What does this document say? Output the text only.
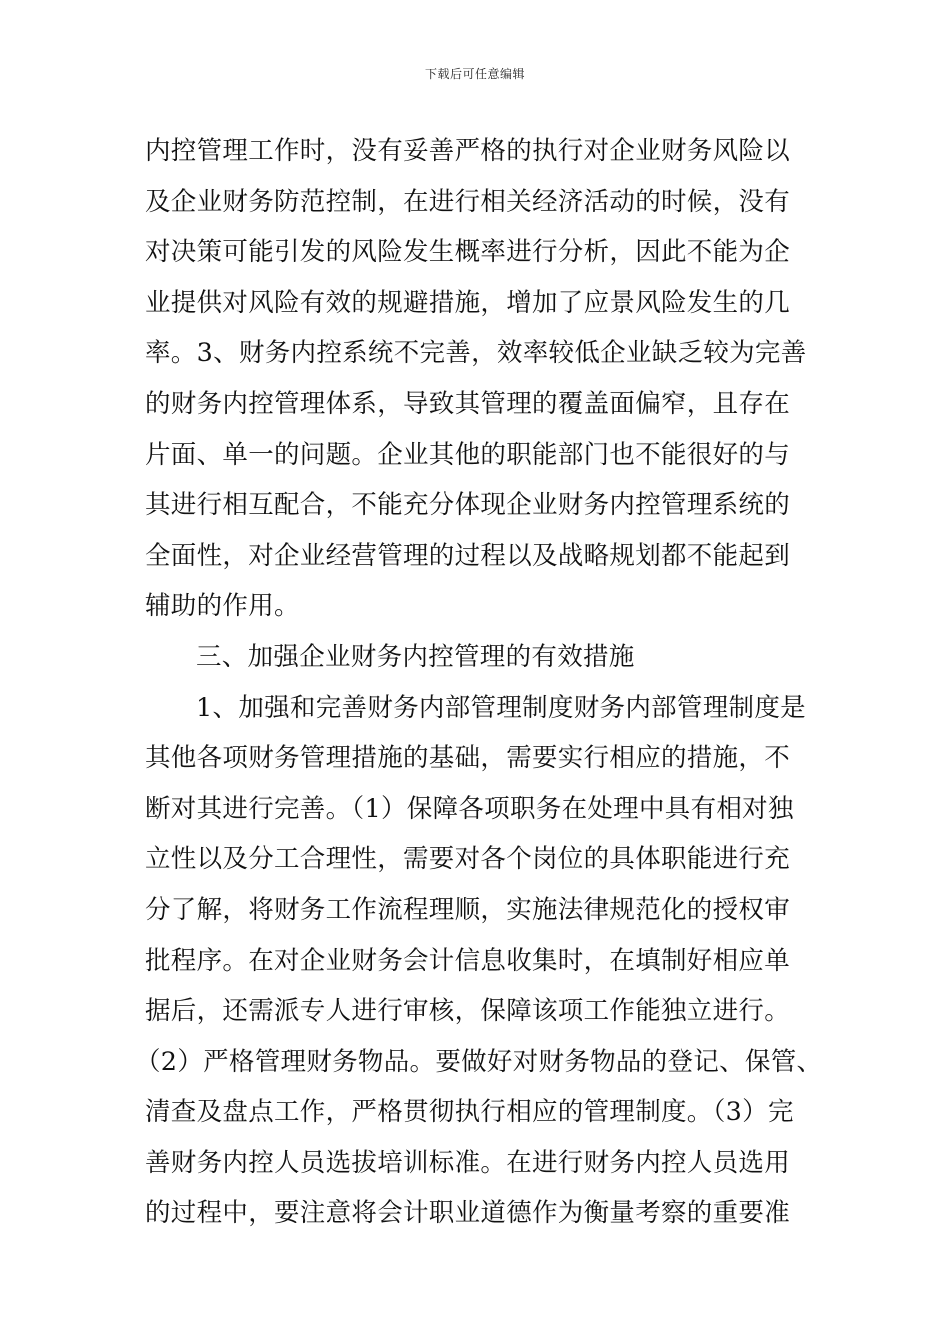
下载后可任意编辑
内控管理工作时，没有妥善严格的执行对企业财务风险以
及企业财务防范控制，在进行相关经济活动的时候，没有
对决策可能引发的风险发生概率进行分析，因此不能为企
业提供对风险有效的规避措施，增加了应景风险发生的几
率。3、财务内控系统不完善，效率较低企业缺乏较为完善
的财务内控管理体系，导致其管理的覆盖面偏窄，且存在
片面、单一的问题。企业其他的职能部门也不能很好的与
其进行相互配合，不能充分体现企业财务内控管理系统的
全面性，对企业经营管理的过程以及战略规划都不能起到
辅助的作用。
三、加强企业财务内控管理的有效措施
1、加强和完善财务内部管理制度财务内部管理制度是
其他各项财务管理措施的基础，需要实行相应的措施，不
断对其进行完善。（1）保障各项职务在处理中具有相对独
立性以及分工合理性，需要对各个岗位的具体职能进行充
分了解，将财务工作流程理顺，实施法律规范化的授权审
批程序。在对企业财务会计信息收集时，在填制好相应单
据后，还需派专人进行审核，保障该项工作能独立进行。
（2）严格管理财务物品。要做好对财务物品的登记、保管、
清查及盘点工作，严格贯彻执行相应的管理制度。（3）完
善财务内控人员选拔培训标准。在进行财务内控人员选用
的过程中，要注意将会计职业道德作为衡量考察的重要准
